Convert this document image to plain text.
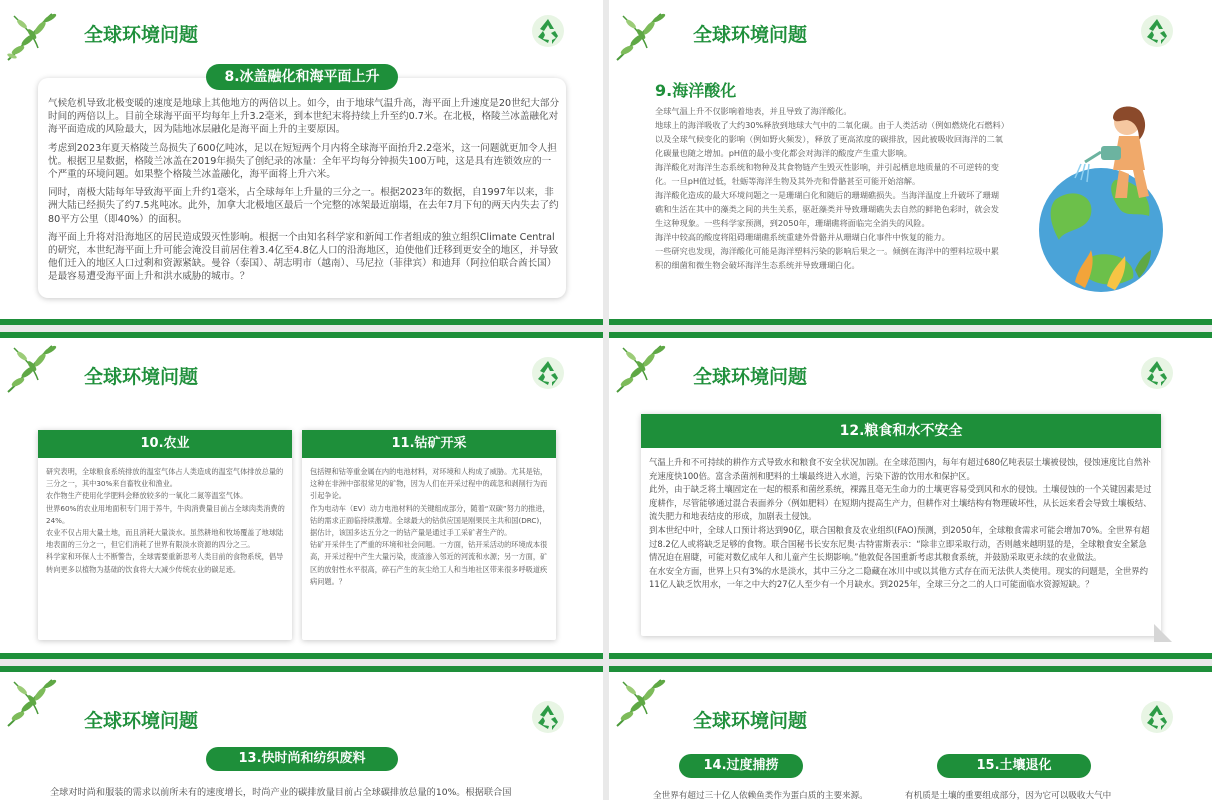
全球环境问题
8.冰盖融化和海平面上升

气候危机导致北极变暖的速度是地球上其他地方的两倍以上。如今，由于地球气温升高，海平面上升速度是20世纪大部分时间的两倍以上。目前全球海平面平均每年上升3.2毫米，到本世纪末将持续上升至约0.7米。在北极，格陵兰冰盖融化对海平面造成的风险最大，因为陆地冰层融化是海平面上升的主要原因。

考虑到2023年夏天格陵兰岛损失了600亿吨冰，足以在短短两个月内将全球海平面抬升2.2毫米，这一问题就更加令人担忧。根据卫星数据，格陵兰冰盖在2019年损失了创纪录的冰量：全年平均每分钟损失100万吨，这是具有连锁效应的一个严重的环境问题。如果整个格陵兰冰盖融化，海平面将上升六米。

同时，南极大陆每年导致海平面上升约1毫米，占全球每年上升量的三分之一。根据2023年的数据，自1997年以来，非洲大陆已经损失了约7.5兆吨冰。此外，加拿大北极地区最后一个完整的冰架最近崩塌，在去年7月下旬的两天内失去了约80平方公里（即40%）的面积。

海平面上升将对沿海地区的居民造成毁灭性影响。根据一个由知名科学家和新闻工作者组成的独立组织Climate Central的研究，本世纪海平面上升可能会淹没目前居住着3.4亿至4.8亿人口的沿海地区，迫使他们迁移到更安全的地区，并导致他们迁入的地区人口过剩和资源紧缺。曼谷（泰国）、胡志明市（越南）、马尼拉（菲律宾）和迪拜（阿拉伯联合酋长国）是最容易遭受海平面上升和洪水威胁的城市。？

全球环境问题
9.海洋酸化
全球气温上升不仅影响着地表，并且导致了海洋酸化。
地球上的海洋吸收了大约30%释放到地球大气中的二氧化碳。由于人类活动（例如燃烧化石燃料）以及全球气候变化的影响（例如野火频发），释放了更高浓度的碳排放，因此被吸收回海洋的二氧化碳量也随之增加。pH值的最小变化都会对海洋的酸度产生重大影响。
海洋酸化对海洋生态系统和物种及其食物链产生毁灭性影响，并引起栖息地质量的不可逆转的变化。一旦pH值过低，牡蛎等海洋生物及其外壳和骨骼甚至可能开始溶解。
海洋酸化造成的最大环境问题之一是珊瑚白化和随后的珊瑚礁损失。当海洋温度上升破坏了珊瑚礁和生活在其中的藻类之间的共生关系，驱赶藻类并导致珊瑚礁失去自然的鲜艳色彩时，就会发生这种现象。一些科学家预测，到2050年，珊瑚礁将面临完全消失的风险。
海洋中较高的酸度将阻碍珊瑚礁系统重建外骨骼并从珊瑚白化事件中恢复的能力。
一些研究也发现，海洋酸化可能是海洋塑料污染的影响后果之一。倾倒在海洋中的塑料垃圾中累积的细菌和微生物会破坏海洋生态系统并导致珊瑚白化。
全球环境问题
10.农业
研究表明，全球粮食系统排放的温室气体占人类造成的温室气体排放总量的三分之一，其中30%来自畜牧业和渔业。
农作物生产使用化学肥料会释放较多的一氧化二氮等温室气体。
世界60%的农业用地面积专门用于养牛，牛肉消费量目前占全球肉类消费的24%。
农业不仅占用大量土地，而且消耗大量淡水。虽然耕地和牧场覆盖了地球陆地表面的三分之一，但它们消耗了世界有限淡水资源的四分之三。
科学家和环保人士不断警告，全球需要重新思考人类目前的食物系统，倡导转向更多以植物为基础的饮食将大大减少传统农业的碳足迹。
11.钴矿开采
包括锂和钴等重金属在内的电池材料，对环境和人构成了威胁。尤其是钴，这种在非洲中部很常见的矿物，因为人们在开采过程中的疏忽和剥削行为而引起争论。
作为电动车（EV）动力电池材料的关键组成部分，随着“双碳”努力的推进，钴的需求正面临持续激增。全球最大的钴供应国是刚果民主共和国(DRC)，据估计，该国多达五分之一的钴产量是通过手工采矿者生产的。
钴矿开采伴生了严重的环境和社会问题。一方面，钴开采活动的环境成本很高，开采过程中产生大量污染，废渣渗入邻近的河流和水源；另一方面，矿区的放射性水平很高，碎石产生的灰尘给工人和当地社区带来很多呼吸道疾病问题。？
全球环境问题
12.粮食和水不安全
气温上升和不可持续的耕作方式导致水和粮食不安全状况加剧。在全球范围内，每年有超过680亿吨表层土壤被侵蚀，侵蚀速度比自然补充速度快100倍。富含杀菌剂和肥料的土壤最终进入水道，污染下游的饮用水和保护区。
此外，由于缺乏将土壤固定在一起的根系和菌丝系统，裸露且毫无生命力的土壤更容易受到风和水的侵蚀。土壤侵蚀的一个关键因素是过度耕作，尽管能够通过混合表面养分（例如肥料）在短期内提高生产力，但耕作对土壤结构有物理破坏性，从长远来看会导致土壤板结、流失肥力和地表结皮的形成，加剧表土侵蚀。
到本世纪中叶，全球人口预计将达到90亿，联合国粮食及农业组织(FAO)预测，到2050年，全球粮食需求可能会增加70%。全世界有超过8.2亿人或将缺乏足够的食物。联合国秘书长安东尼奥·古特雷斯表示：“除非立即采取行动，否则越来越明显的是，全球粮食安全紧急情况迫在眉睫，可能对数亿成年人和儿童产生长期影响。”他敦促各国重新考虑其粮食系统，并鼓励采取更永续的农业做法。
在水安全方面，世界上只有3%的水是淡水，其中三分之二隐藏在冰川中或以其他方式存在而无法供人类使用。现实的问题是，全世界约11亿人缺乏饮用水，一年之中大约27亿人至少有一个月缺水。到2025年，全球三分之二的人口可能面临水资源短缺。？
全球环境问题
13.快时尚和纺织废料
全球对时尚和服装的需求以前所未有的速度增长，时尚产业的碳排放量目前占全球碳排放总量的10%。根据联合国
全球环境问题
14.过度捕捞	15.土壤退化
全世界有超过三十亿人依赖鱼类作为蛋白质的主要来源。	有机质是土壤的重要组成部分，因为它可以吸收大气中
